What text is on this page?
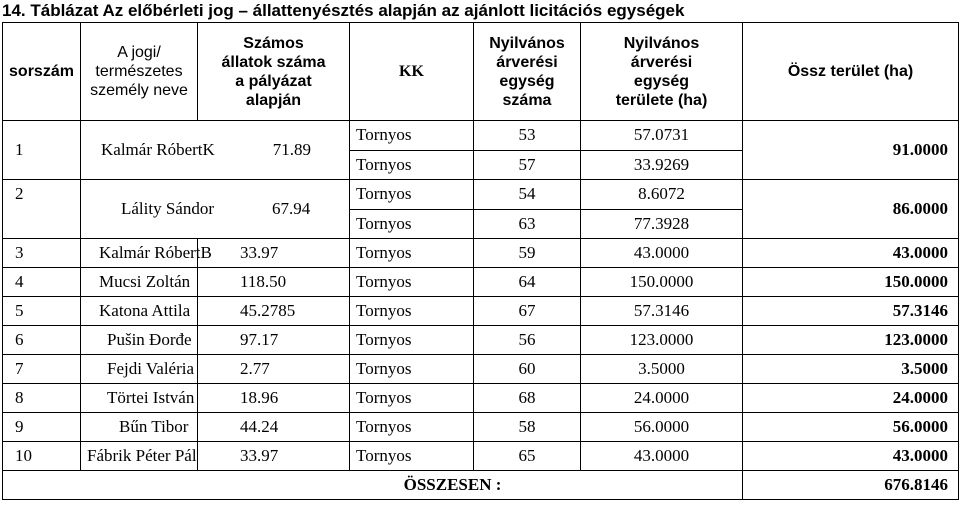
14. Táblázat Az előbérleti jog – állattenyésztés alapján az ajánlott licitációs egységek
sorszám	A jogi/
természetes
személy neve	Számos
állatok száma
a pályázat
alapján	KK	Nyilvános
árverési
egység
száma	Nyilvános
árverési
egység
területe (ha)	Össz terület (ha)
1	Kalmár RóbertK 71.89		Tornyos	53	57.0731	91.0000
			Tornyos	57	33.9269	
2	Lálity Sándor 67.94		Tornyos	54	8.6072	86.0000
			Tornyos	63	77.3928	
3	Kalmár RóbertB	33.97	Tornyos	59	43.0000	43.0000
4	Mucsi Zoltán	118.50	Tornyos	64	150.0000	150.0000
5	Katona Attila	45.2785	Tornyos	67	57.3146	57.3146
6	Pušin Đorđe	97.17	Tornyos	56	123.0000	123.0000
7	Fejdi Valéria	2.77	Tornyos	60	3.5000	3.5000
8	Törtei István	18.96	Tornyos	68	24.0000	24.0000
9	Bűn Tibor	44.24	Tornyos	58	56.0000	56.0000
10	Fábrik Péter Pál	33.97	Tornyos	65	43.0000	43.0000
ÖSSZESEN :						676.8146
